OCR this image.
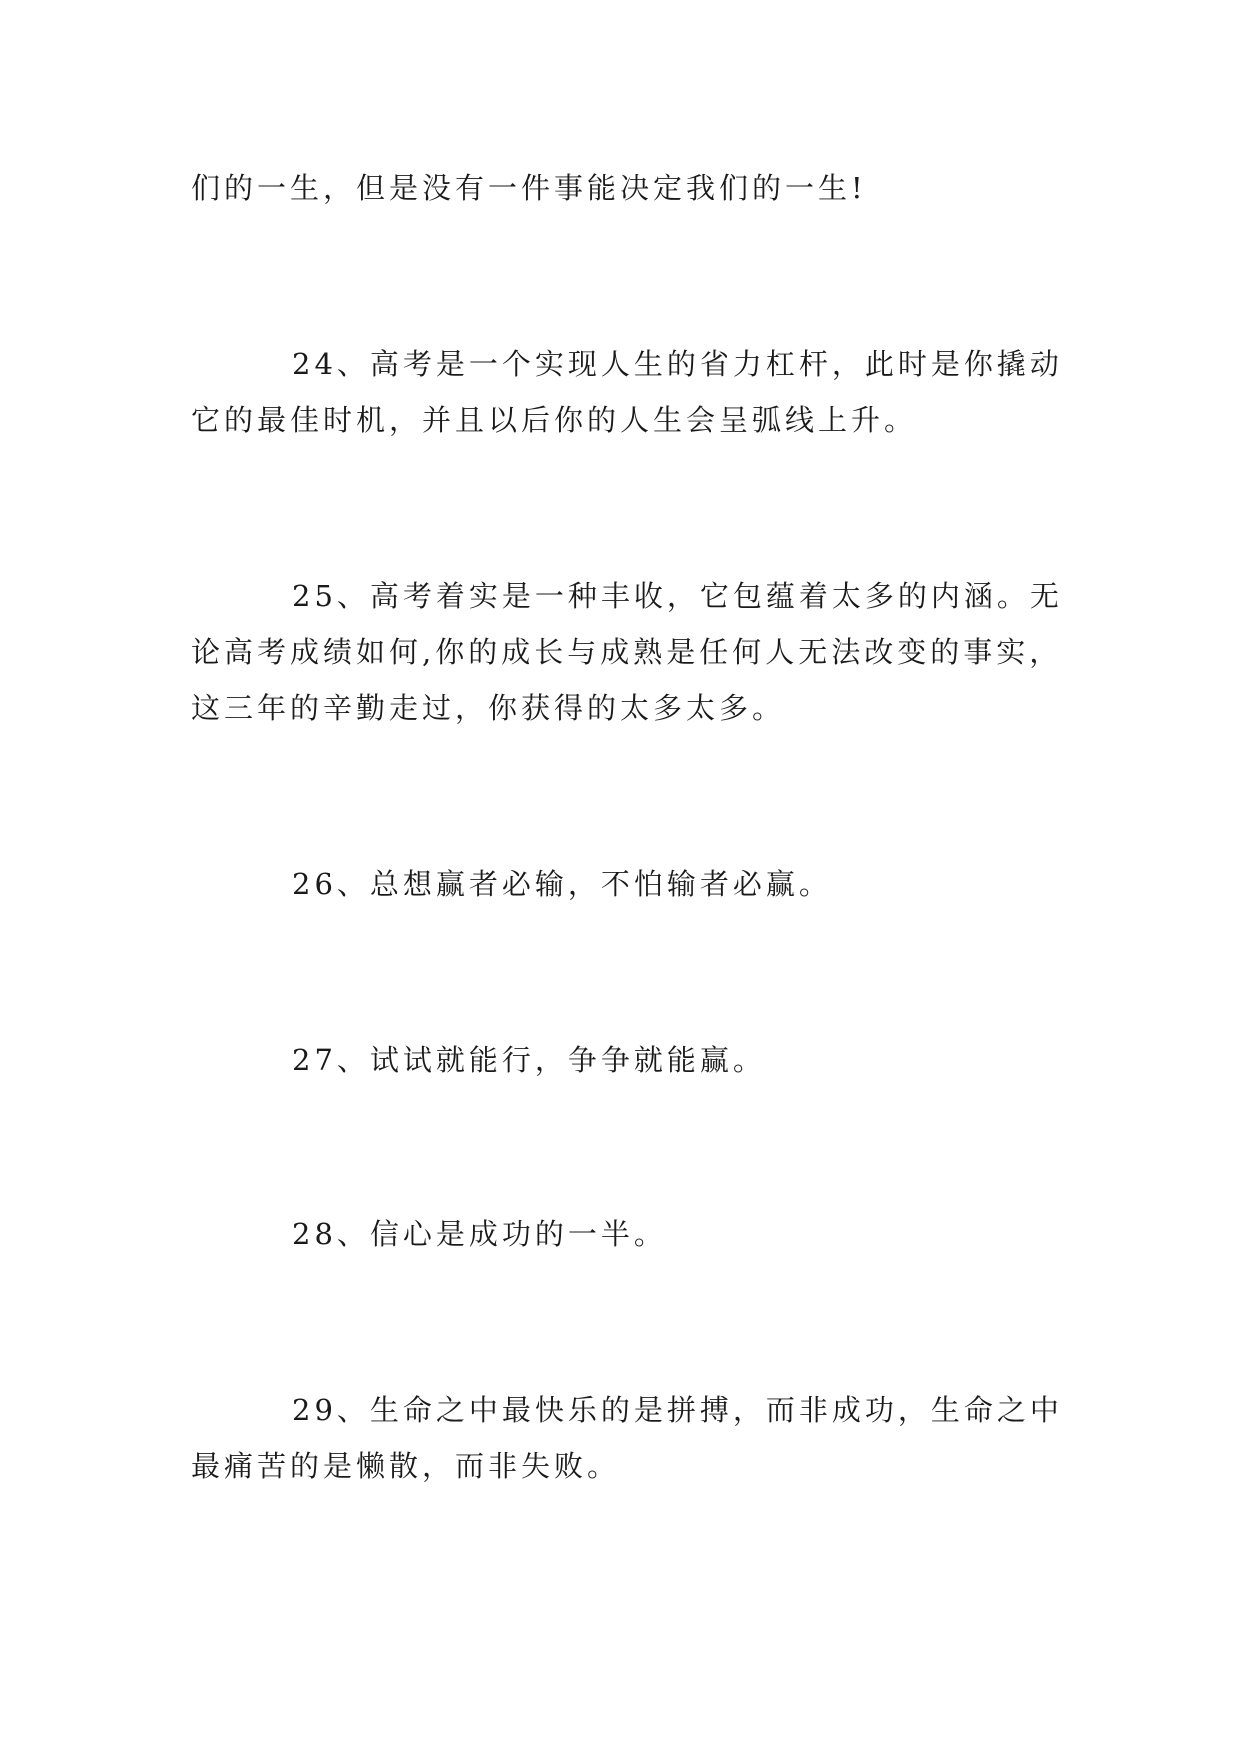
们的一生，但是没有一件事能决定我们的一生!

24、高考是一个实现人生的省力杠杆，此时是你撬动它的最佳时机，并且以后你的人生会呈弧线上升。

25、高考着实是一种丰收，它包蕴着太多的内涵。无论高考成绩如何,你的成长与成熟是任何人无法改变的事实，这三年的辛勤走过，你获得的太多太多。

26、总想赢者必输，不怕输者必赢。

27、试试就能行，争争就能赢。

28、信心是成功的一半。

29、生命之中最快乐的是拼搏，而非成功，生命之中最痛苦的是懒散，而非失败。
